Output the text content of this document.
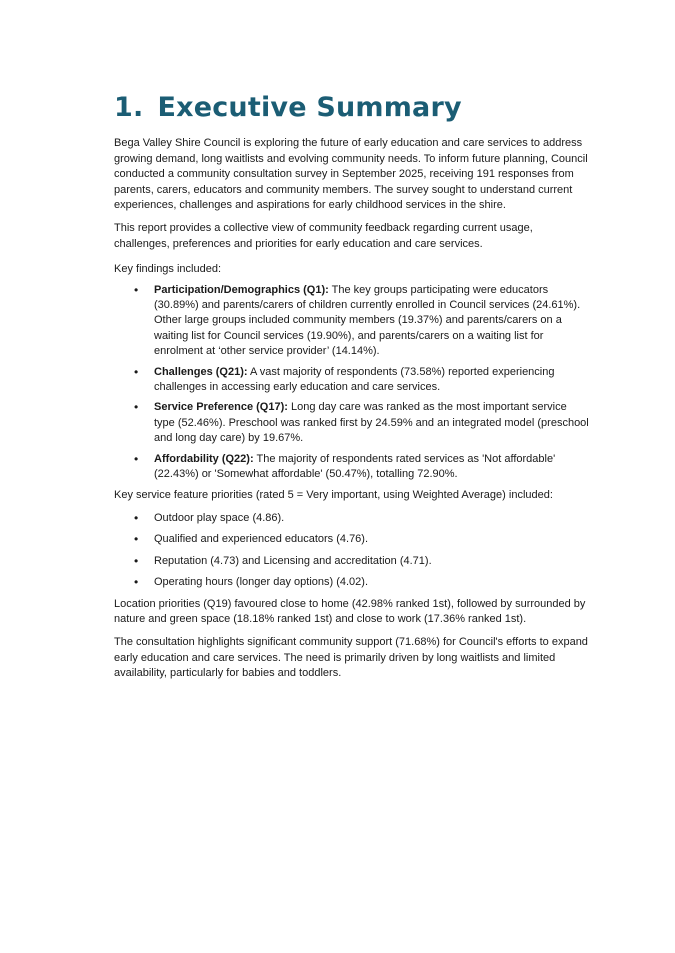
1. Executive Summary

Bega Valley Shire Council is exploring the future of early education and care services to address growing demand, long waitlists and evolving community needs. To inform future planning, Council conducted a community consultation survey in September 2025, receiving 191 responses from parents, carers, educators and community members. The survey sought to understand current experiences, challenges and aspirations for early childhood services in the shire.

This report provides a collective view of community feedback regarding current usage, challenges, preferences and priorities for early education and care services.

Key findings included:

• Participation/Demographics (Q1): The key groups participating were educators (30.89%) and parents/carers of children currently enrolled in Council services (24.61%). Other large groups included community members (19.37%) and parents/carers on a waiting list for Council services (19.90%), and parents/carers on a waiting list for enrolment at ‘other service provider’ (14.14%).
• Challenges (Q21): A vast majority of respondents (73.58%) reported experiencing challenges in accessing early education and care services.
• Service Preference (Q17): Long day care was ranked as the most important service type (52.46%). Preschool was ranked first by 24.59% and an integrated model (preschool and long day care) by 19.67%.
• Affordability (Q22): The majority of respondents rated services as 'Not affordable' (22.43%) or 'Somewhat affordable' (50.47%), totalling 72.90%.

Key service feature priorities (rated 5 = Very important, using Weighted Average) included:

• Outdoor play space (4.86).
• Qualified and experienced educators (4.76).
• Reputation (4.73) and Licensing and accreditation (4.71).
• Operating hours (longer day options) (4.02).

Location priorities (Q19) favoured close to home (42.98% ranked 1st), followed by surrounded by nature and green space (18.18% ranked 1st) and close to work (17.36% ranked 1st).

The consultation highlights significant community support (71.68%) for Council's efforts to expand early education and care services. The need is primarily driven by long waitlists and limited availability, particularly for babies and toddlers.
